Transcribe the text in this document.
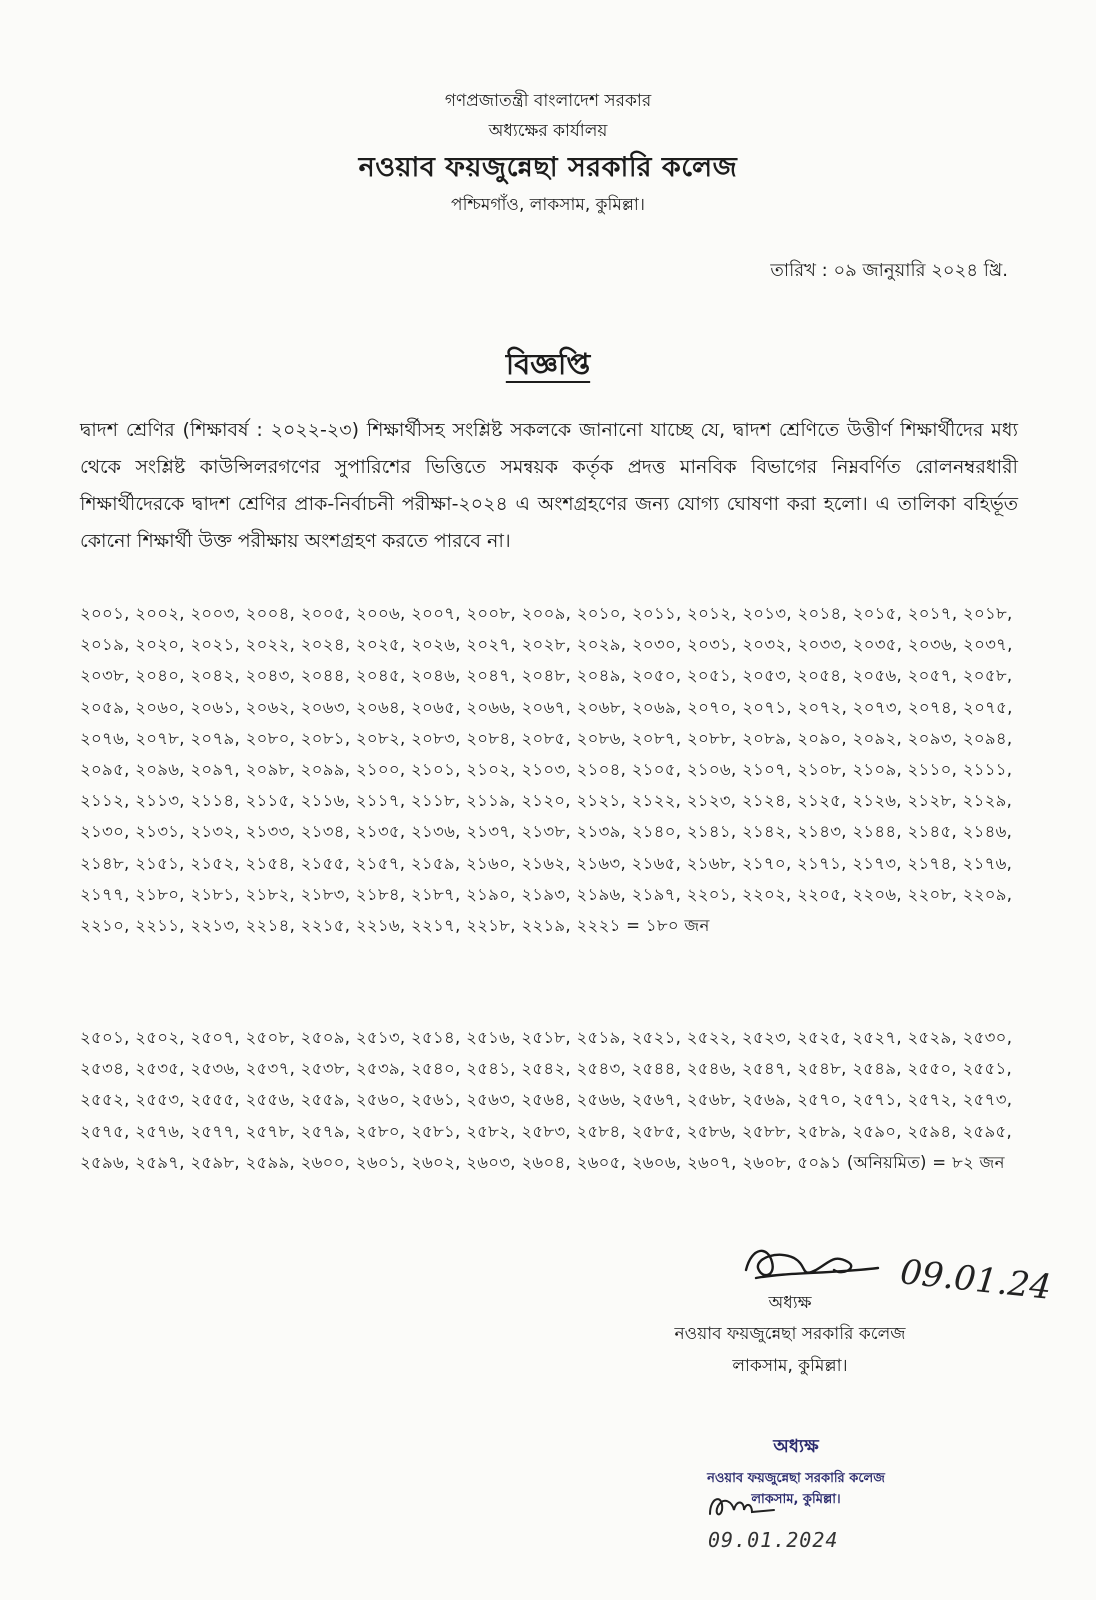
গণপ্রজাতন্ত্রী বাংলাদেশ সরকার
অধ্যক্ষের কার্যালয়
নওয়াব ফয়জুন্নেছা সরকারি কলেজ
পশ্চিমগাঁও, লাকসাম, কুমিল্লা।
তারিখ : ০৯ জানুয়ারি ২০২৪ খ্রি.
বিজ্ঞপ্তি
দ্বাদশ শ্রেণির (শিক্ষাবর্ষ : ২০২২-২৩) শিক্ষার্থীসহ সংশ্লিষ্ট সকলকে জানানো যাচ্ছে যে, দ্বাদশ শ্রেণিতে উত্তীর্ণ শিক্ষার্থীদের মধ্য থেকে সংশ্লিষ্ট কাউন্সিলরগণের সুপারিশের ভিত্তিতে সমন্বয়ক কর্তৃক প্রদত্ত মানবিক বিভাগের নিম্নবর্ণিত রোলনম্বরধারী শিক্ষার্থীদেরকে দ্বাদশ শ্রেণির প্রাক-নির্বাচনী পরীক্ষা-২০২৪ এ অংশগ্রহণের জন্য যোগ্য ঘোষণা করা হলো। এ তালিকা বহির্ভূত কোনো শিক্ষার্থী উক্ত পরীক্ষায় অংশগ্রহণ করতে পারবে না।
২০০১, ২০০২, ২০০৩, ২০০৪, ২০০৫, ২০০৬, ২০০৭, ২০০৮, ২০০৯, ২০১০, ২০১১, ২০১২, ২০১৩, ২০১৪, ২০১৫, ২০১৭, ২০১৮, ২০১৯, ২০২০, ২০২১, ২০২২, ২০২৪, ২০২৫, ২০২৬, ২০২৭, ২০২৮, ২০২৯, ২০৩০, ২০৩১, ২০৩২, ২০৩৩, ২০৩৫, ২০৩৬, ২০৩৭, ২০৩৮, ২০৪০, ২০৪২, ২০৪৩, ২০৪৪, ২০৪৫, ২০৪৬, ২০৪৭, ২০৪৮, ২০৪৯, ২০৫০, ২০৫১, ২০৫৩, ২০৫৪, ২০৫৬, ২০৫৭, ২০৫৮, ২০৫৯, ২০৬০, ২০৬১, ২০৬২, ২০৬৩, ২০৬৪, ২০৬৫, ২০৬৬, ২০৬৭, ২০৬৮, ২০৬৯, ২০৭০, ২০৭১, ২০৭২, ২০৭৩, ২০৭৪, ২০৭৫, ২০৭৬, ২০৭৮, ২০৭৯, ২০৮০, ২০৮১, ২০৮২, ২০৮৩, ২০৮৪, ২০৮৫, ২০৮৬, ২০৮৭, ২০৮৮, ২০৮৯, ২০৯০, ২০৯২, ২০৯৩, ২০৯৪, ২০৯৫, ২০৯৬, ২০৯৭, ২০৯৮, ২০৯৯, ২১০০, ২১০১, ২১০২, ২১০৩, ২১০৪, ২১০৫, ২১০৬, ২১০৭, ২১০৮, ২১০৯, ২১১০, ২১১১, ২১১২, ২১১৩, ২১১৪, ২১১৫, ২১১৬, ২১১৭, ২১১৮, ২১১৯, ২১২০, ২১২১, ২১২২, ২১২৩, ২১২৪, ২১২৫, ২১২৬, ২১২৮, ২১২৯, ২১৩০, ২১৩১, ২১৩২, ২১৩৩, ২১৩৪, ২১৩৫, ২১৩৬, ২১৩৭, ২১৩৮, ২১৩৯, ২১৪০, ২১৪১, ২১৪২, ২১৪৩, ২১৪৪, ২১৪৫, ২১৪৬, ২১৪৮, ২১৫১, ২১৫২, ২১৫৪, ২১৫৫, ২১৫৭, ২১৫৯, ২১৬০, ২১৬২, ২১৬৩, ২১৬৫, ২১৬৮, ২১৭০, ২১৭১, ২১৭৩, ২১৭৪, ২১৭৬, ২১৭৭, ২১৮০, ২১৮১, ২১৮২, ২১৮৩, ২১৮৪, ২১৮৭, ২১৯০, ২১৯৩, ২১৯৬, ২১৯৭, ২২০১, ২২০২, ২২০৫, ২২০৬, ২২০৮, ২২০৯, ২২১০, ২২১১, ২২১৩, ২২১৪, ২২১৫, ২২১৬, ২২১৭, ২২১৮, ২২১৯, ২২২১ = ১৮০ জন
২৫০১, ২৫০২, ২৫০৭, ২৫০৮, ২৫০৯, ২৫১৩, ২৫১৪, ২৫১৬, ২৫১৮, ২৫১৯, ২৫২১, ২৫২২, ২৫২৩, ২৫২৫, ২৫২৭, ২৫২৯, ২৫৩০, ২৫৩৪, ২৫৩৫, ২৫৩৬, ২৫৩৭, ২৫৩৮, ২৫৩৯, ২৫৪০, ২৫৪১, ২৫৪২, ২৫৪৩, ২৫৪৪, ২৫৪৬, ২৫৪৭, ২৫৪৮, ২৫৪৯, ২৫৫০, ২৫৫১, ২৫৫২, ২৫৫৩, ২৫৫৫, ২৫৫৬, ২৫৫৯, ২৫৬০, ২৫৬১, ২৫৬৩, ২৫৬৪, ২৫৬৬, ২৫৬৭, ২৫৬৮, ২৫৬৯, ২৫৭০, ২৫৭১, ২৫৭২, ২৫৭৩, ২৫৭৫, ২৫৭৬, ২৫৭৭, ২৫৭৮, ২৫৭৯, ২৫৮০, ২৫৮১, ২৫৮২, ২৫৮৩, ২৫৮৪, ২৫৮৫, ২৫৮৬, ২৫৮৮, ২৫৮৯, ২৫৯০, ২৫৯৪, ২৫৯৫, ২৫৯৬, ২৫৯৭, ২৫৯৮, ২৫৯৯, ২৬০০, ২৬০১, ২৬০২, ২৬০৩, ২৬০৪, ২৬০৫, ২৬০৬, ২৬০৭, ২৬০৮, ৫০৯১ (অনিয়মিত) = ৮২ জন
09.01.24
অধ্যক্ষ
নওয়াব ফয়জুন্নেছা সরকারি কলেজ
লাকসাম, কুমিল্লা।
অধ্যক্ষ
নওয়াব ফয়জুন্নেছা সরকারি কলেজ
লাকসাম, কুমিল্লা।
09.01.2024
